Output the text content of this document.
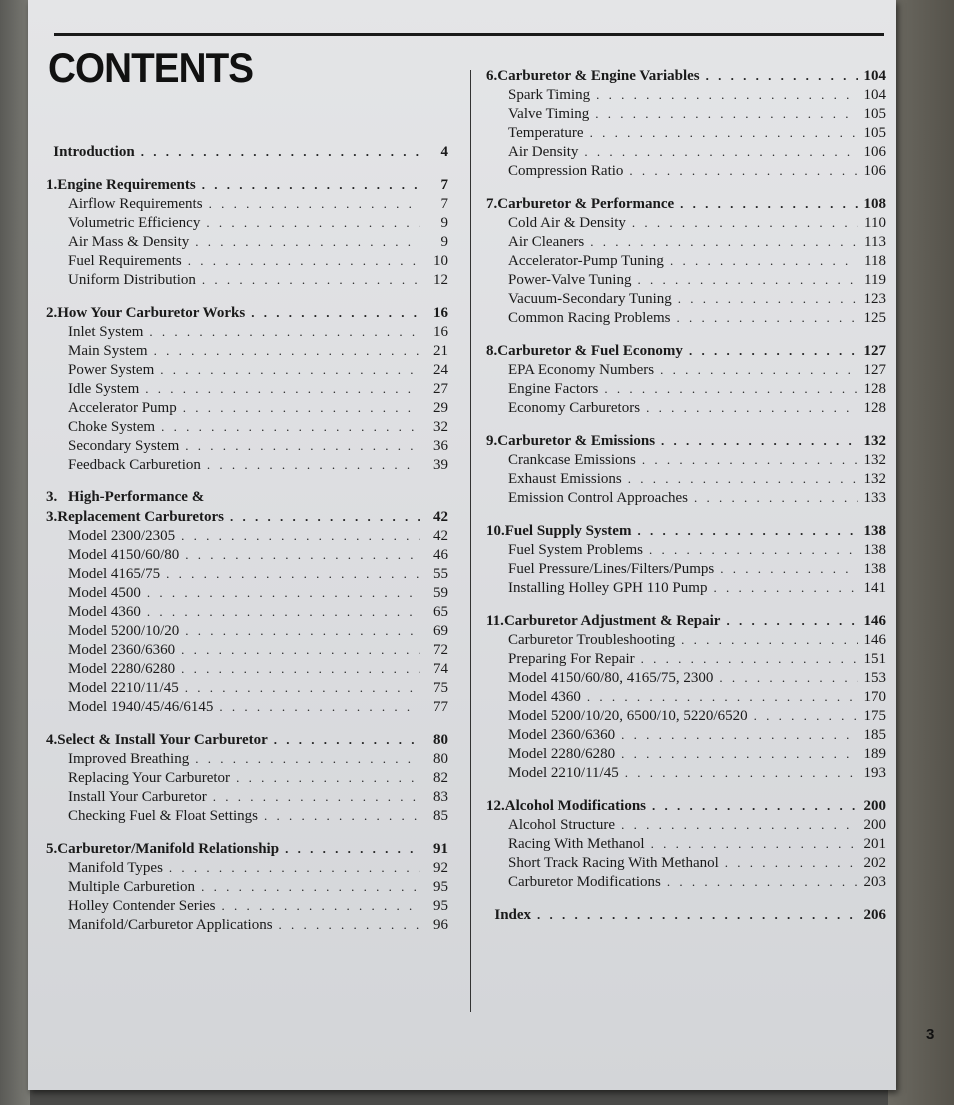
CONTENTS
Introduction . . .	4
1. Engine Requirements . . .	7
Airflow Requirements . . .	7
Volumetric Efficiency . . .	9
Air Mass & Density . . .	9
Fuel Requirements . . .	10
Uniform Distribution . . .	12
2. How Your Carburetor Works . . .	16
Inlet System . . .	16
Main System . . .	21
Power System . . .	24
Idle System . . .	27
Accelerator Pump . . .	29
Choke System . . .	32
Secondary System . . .	36
Feedback Carburetion . . .	39
3. High-Performance &
3. Replacement Carburetors . . .	42
Model 2300/2305 . . .	42
Model 4150/60/80 . . .	46
Model 4165/75 . . .	55
Model 4500 . . .	59
Model 4360 . . .	65
Model 5200/10/20 . . .	69
Model 2360/6360 . . .	72
Model 2280/6280 . . .	74
Model 2210/11/45 . . .	75
Model 1940/45/46/6145 . . .	77
4. Select & Install Your Carburetor . . .	80
Improved Breathing . . .	80
Replacing Your Carburetor . . .	82
Install Your Carburetor . . .	83
Checking Fuel & Float Settings . . .	85
5. Carburetor/Manifold Relationship . . .	91
Manifold Types . . .	92
Multiple Carburetion . . .	95
Holley Contender Series . . .	95
Manifold/Carburetor Applications . . .	96
6. Carburetor & Engine Variables . . .	104
Spark Timing . . .	104
Valve Timing . . .	105
Temperature . . .	105
Air Density . . .	106
Compression Ratio . . .	106
7. Carburetor & Performance . . .	108
Cold Air & Density . . .	110
Air Cleaners . . .	113
Accelerator-Pump Tuning . . .	118
Power-Valve Tuning . . .	119
Vacuum-Secondary Tuning . . .	123
Common Racing Problems . . .	125
8. Carburetor & Fuel Economy . . .	127
EPA Economy Numbers . . .	127
Engine Factors . . .	128
Economy Carburetors . . .	128
9. Carburetor & Emissions . . .	132
Crankcase Emissions . . .	132
Exhaust Emissions . . .	132
Emission Control Approaches . . .	133
10. Fuel Supply System . . .	138
Fuel System Problems . . .	138
Fuel Pressure/Lines/Filters/Pumps . . .	138
Installing Holley GPH 110 Pump . . .	141
11. Carburetor Adjustment & Repair . . .	146
Carburetor Troubleshooting . . .	146
Preparing For Repair . . .	151
Model 4150/60/80, 4165/75, 2300 . . .	153
Model 4360 . . .	170
Model 5200/10/20, 6500/10, 5220/6520 . . .	175
Model 2360/6360 . . .	185
Model 2280/6280 . . .	189
Model 2210/11/45 . . .	193
12. Alcohol Modifications . . .	200
Alcohol Structure . . .	200
Racing With Methanol . . .	201
Short Track Racing With Methanol . . .	202
Carburetor Modifications . . .	203
Index . . .	206
3
